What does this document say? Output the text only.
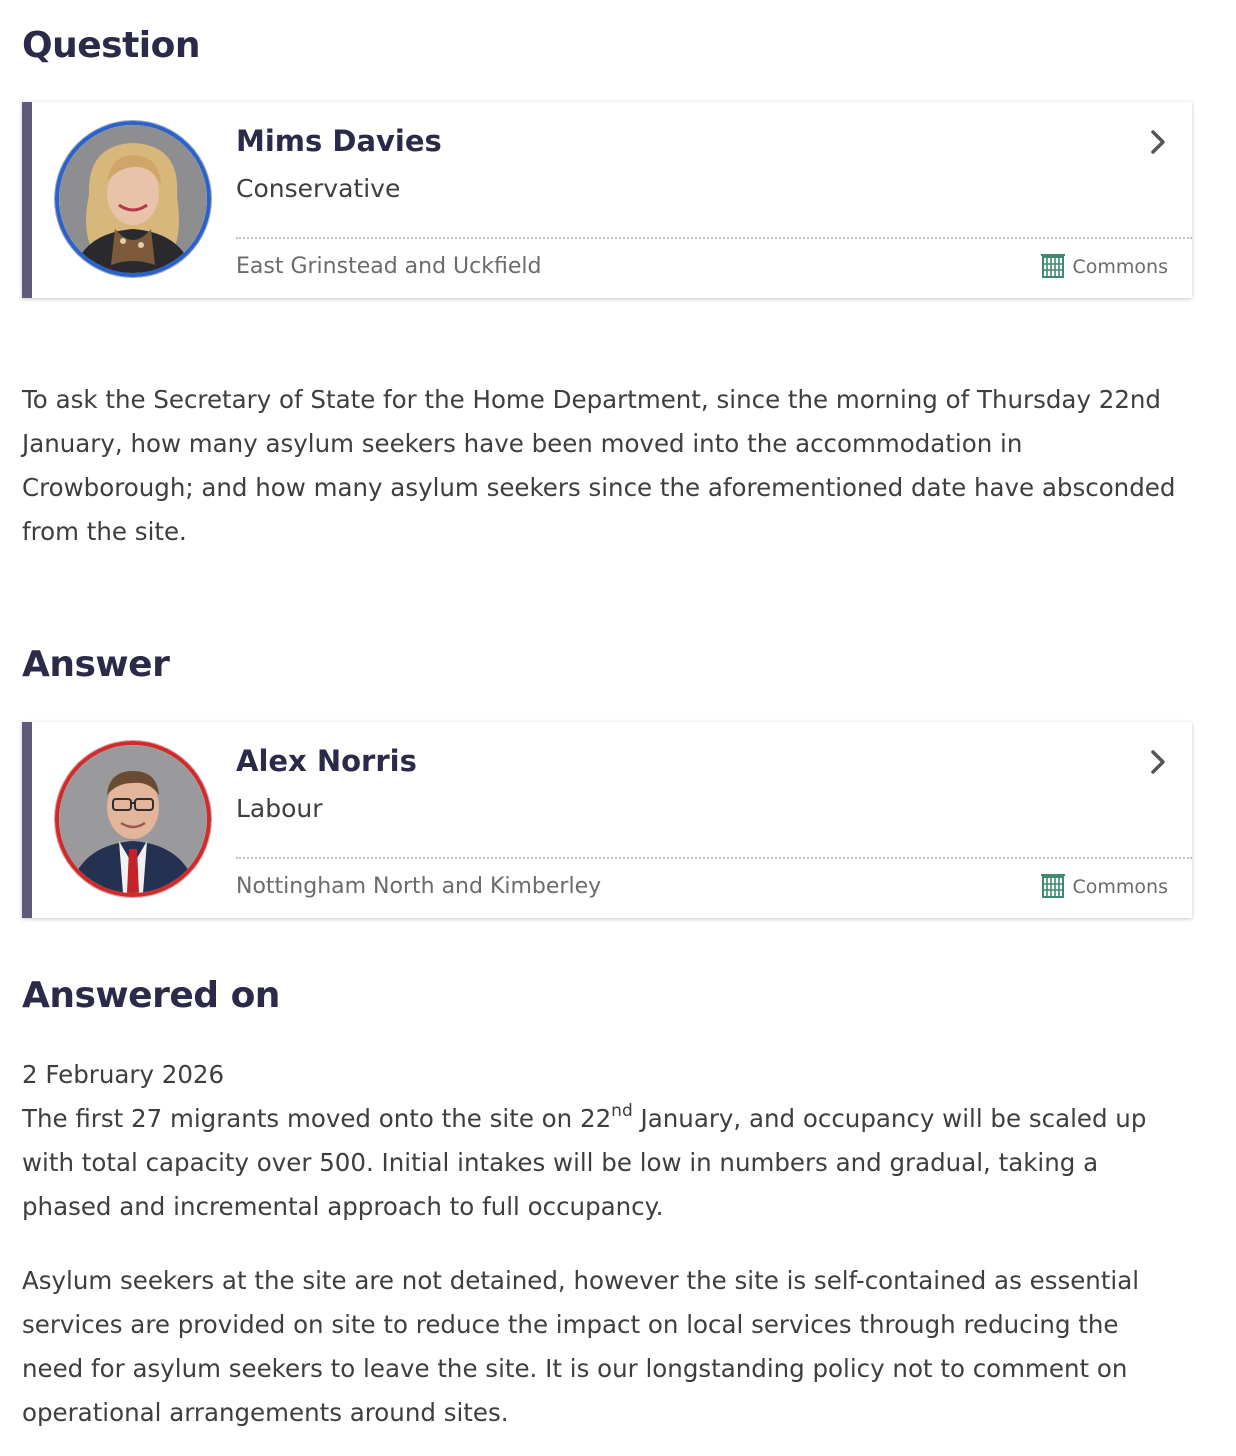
Question
Mims Davies
Conservative
East Grinstead and Uckfield	Commons

To ask the Secretary of State for the Home Department, since the morning of Thursday 22nd January, how many asylum seekers have been moved into the accommodation in Crowborough; and how many asylum seekers since the aforementioned date have absconded from the site.

Answer
Alex Norris
Labour
Nottingham North and Kimberley	Commons
Answered on

2 February 2026

The first 27 migrants moved onto the site on 22nd January, and occupancy will be scaled up with total capacity over 500. Initial intakes will be low in numbers and gradual, taking a phased and incremental approach to full occupancy.

Asylum seekers at the site are not detained, however the site is self-contained as essential services are provided on site to reduce the impact on local services through reducing the need for asylum seekers to leave the site. It is our longstanding policy not to comment on operational arrangements around sites.
